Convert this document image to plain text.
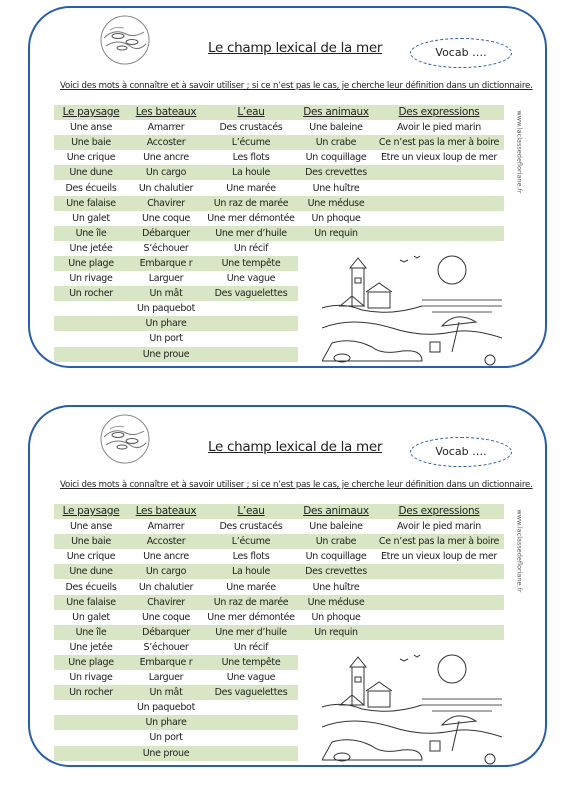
Le champ lexical de la mer	Vocab ….
Voici des mots à connaître et à savoir utiliser ; si ce n’est pas le cas, je cherche leur définition dans un dictionnaire.
Le paysage	Les bateaux	L’eau	Des animaux	Des expressions
Une anse	Amarrer	Des crustacés	Une baleine	Avoir le pied marin
Une baie	Accoster	L’écume	Un crabe	Ce n’est pas la mer à boire
Une crique	Une ancre	Les flots	Un coquillage	Etre un vieux loup de mer
Une dune	Un cargo	La houle	Des crevettes	
Des écueils	Un chalutier	Une marée	Une huître	
Une falaise	Chavirer	Un raz de marée	Une méduse	
Un galet	Une coque	Une mer démontée	Un phoque	
Une île	Débarquer	Une mer d’huile	Un requin	
Une jetée	S’échouer	Un récif		
Une plage	Embarque r	Une tempête		
Un rivage	Larguer	Une vague		
Un rocher	Un mât	Des vaguelettes		
	Un paquebot			
	Un phare			
	Un port			
	Une proue			
www.laclassedefloriane.fr
Le champ lexical de la mer	Vocab ….
Voici des mots à connaître et à savoir utiliser ; si ce n’est pas le cas, je cherche leur définition dans un dictionnaire.
Le paysage	Les bateaux	L’eau	Des animaux	Des expressions
Une anse	Amarrer	Des crustacés	Une baleine	Avoir le pied marin
Une baie	Accoster	L’écume	Un crabe	Ce n’est pas la mer à boire
Une crique	Une ancre	Les flots	Un coquillage	Etre un vieux loup de mer
Une dune	Un cargo	La houle	Des crevettes	
Des écueils	Un chalutier	Une marée	Une huître	
Une falaise	Chavirer	Un raz de marée	Une méduse	
Un galet	Une coque	Une mer démontée	Un phoque	
Une île	Débarquer	Une mer d’huile	Un requin	
Une jetée	S’échouer	Un récif		
Une plage	Embarque r	Une tempête		
Un rivage	Larguer	Une vague		
Un rocher	Un mât	Des vaguelettes		
	Un paquebot			
	Un phare			
	Un port			
	Une proue			
www.laclassedefloriane.fr
